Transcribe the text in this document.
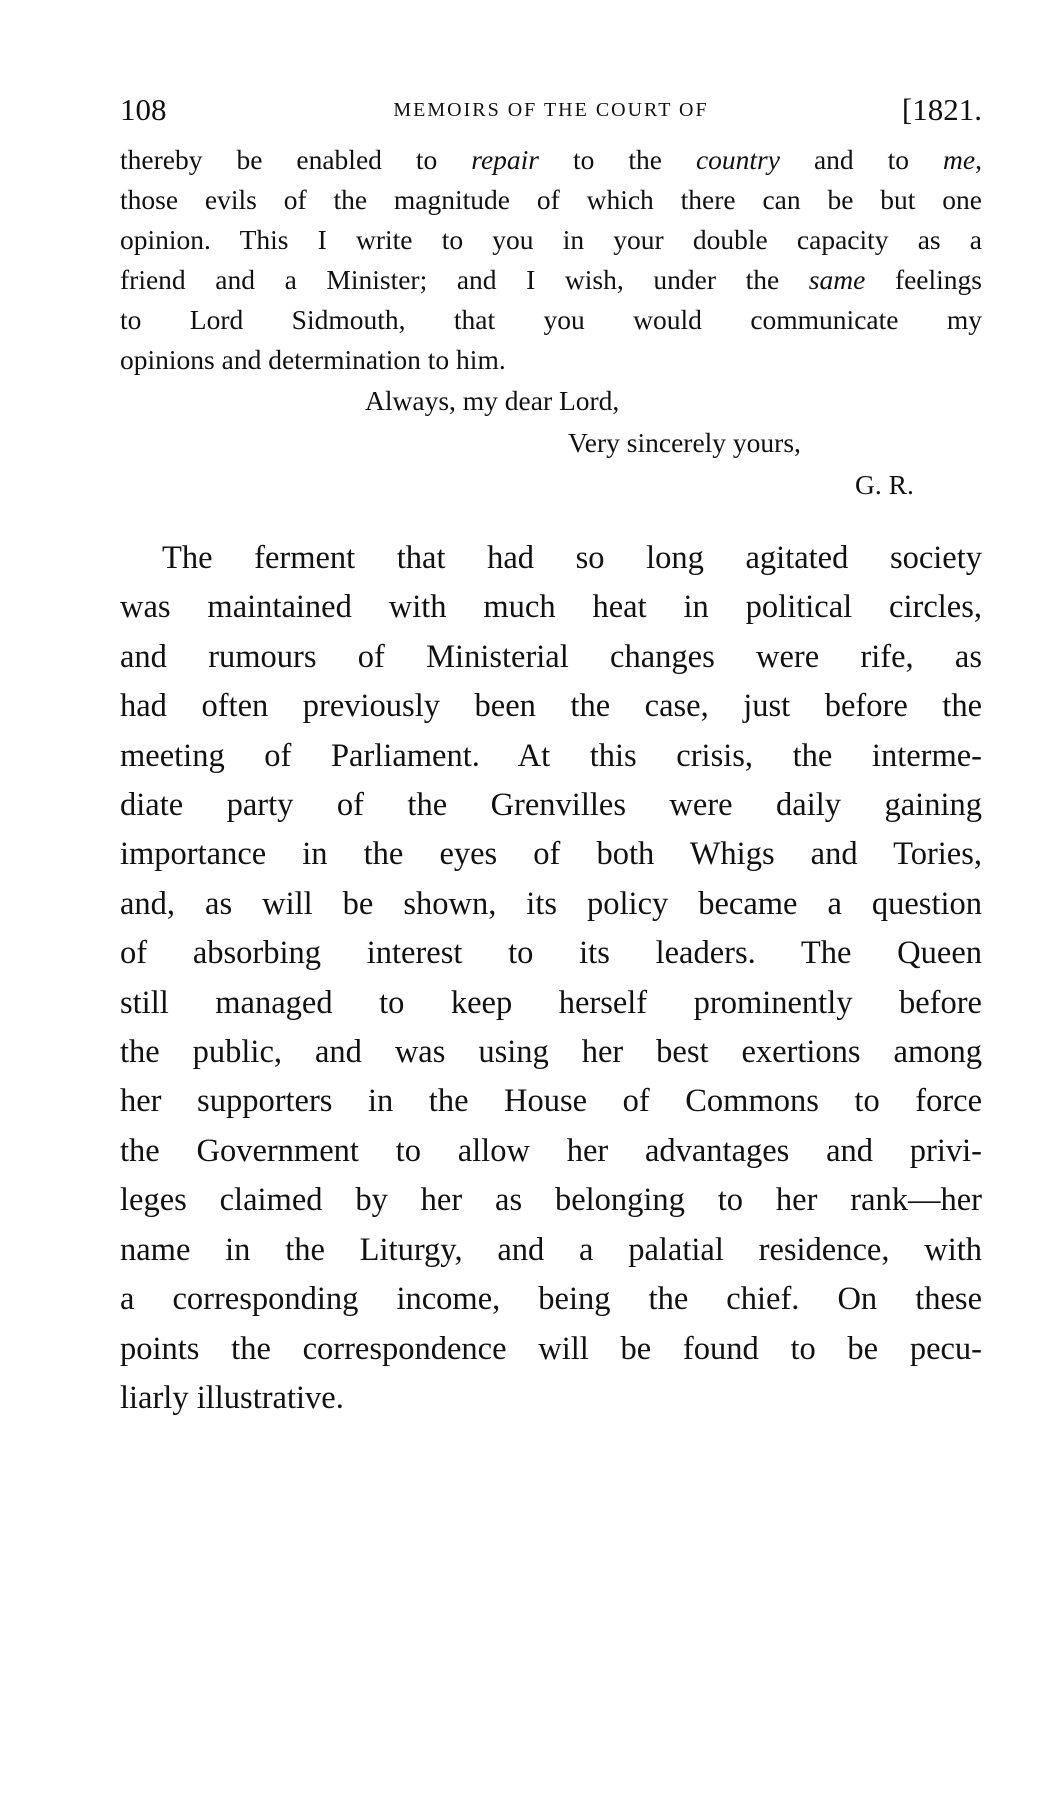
108	MEMOIRS OF THE COURT OF	[1821.
thereby be enabled to repair to the country and to me,
those evils of the magnitude of which there can be but one
opinion. This I write to you in your double capacity as a
friend and a Minister; and I wish, under the same feelings
to Lord Sidmouth, that you would communicate my
opinions and determination to him.
Always, my dear Lord,
Very sincerely yours,
G. R.
The ferment that had so long agitated society
was maintained with much heat in political circles,
and rumours of Ministerial changes were rife, as
had often previously been the case, just before the
meeting of Parliament. At this crisis, the interme-
diate party of the Grenvilles were daily gaining
importance in the eyes of both Whigs and Tories,
and, as will be shown, its policy became a question
of absorbing interest to its leaders. The Queen
still managed to keep herself prominently before
the public, and was using her best exertions among
her supporters in the House of Commons to force
the Government to allow her advantages and privi-
leges claimed by her as belonging to her rank—her
name in the Liturgy, and a palatial residence, with
a corresponding income, being the chief. On these
points the correspondence will be found to be pecu-
liarly illustrative.
